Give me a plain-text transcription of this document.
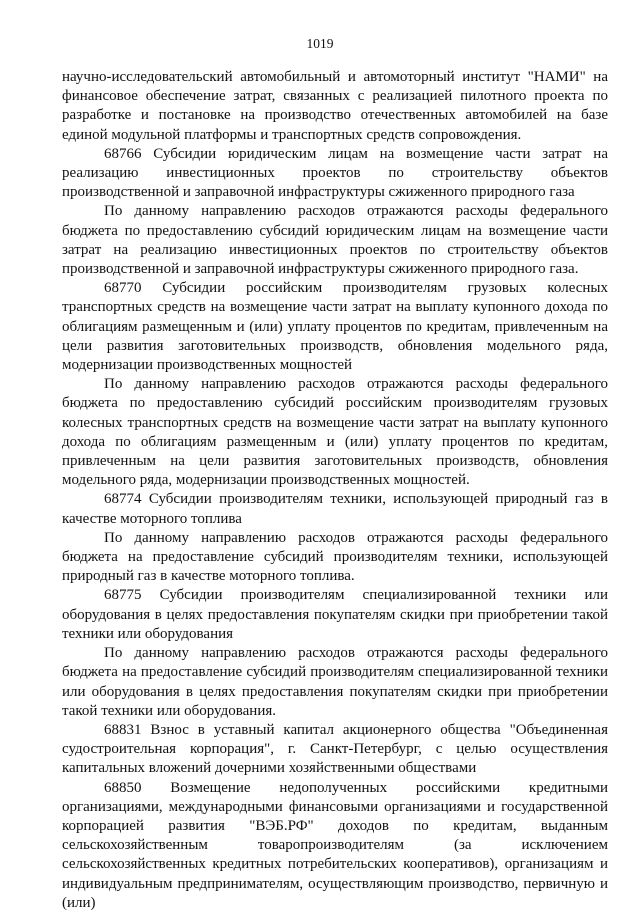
1019

научно-исследовательский автомобильный и автомоторный институт "НАМИ" на финансовое обеспечение затрат, связанных с реализацией пилотного проекта по разработке и постановке на производство отечественных автомобилей на базе единой модульной платформы и транспортных средств сопровождения.

68766 Субсидии юридическим лицам на возмещение части затрат на реализацию инвестиционных проектов по строительству объектов производственной и заправочной инфраструктуры сжиженного природного газа

По данному направлению расходов отражаются расходы федерального бюджета по предоставлению субсидий юридическим лицам на возмещение части затрат на реализацию инвестиционных проектов по строительству объектов производственной и заправочной инфраструктуры сжиженного природного газа.

68770 Субсидии российским производителям грузовых колесных транспортных средств на возмещение части затрат на выплату купонного дохода по облигациям размещенным и (или) уплату процентов по кредитам, привлеченным на цели развития заготовительных производств, обновления модельного ряда, модернизации производственных мощностей

По данному направлению расходов отражаются расходы федерального бюджета по предоставлению субсидий российским производителям грузовых колесных транспортных средств на возмещение части затрат на выплату купонного дохода по облигациям размещенным и (или) уплату процентов по кредитам, привлеченным на цели развития заготовительных производств, обновления модельного ряда, модернизации производственных мощностей.

68774 Субсидии производителям техники, использующей природный газ в качестве моторного топлива

По данному направлению расходов отражаются расходы федерального бюджета на предоставление субсидий производителям техники, использующей природный газ в качестве моторного топлива.

68775 Субсидии производителям специализированной техники или оборудования в целях предоставления покупателям скидки при приобретении такой техники или оборудования

По данному направлению расходов отражаются расходы федерального бюджета на предоставление субсидий производителям специализированной техники или оборудования в целях предоставления покупателям скидки при приобретении такой техники или оборудования.

68831 Взнос в уставный капитал акционерного общества "Объединенная судостроительная корпорация", г. Санкт-Петербург, с целью осуществления капитальных вложений дочерними хозяйственными обществами

68850 Возмещение недополученных российскими кредитными организациями, международными финансовыми организациями и государственной корпорацией развития "ВЭБ.РФ" доходов по кредитам, выданным сельскохозяйственным товаропроизводителям (за исключением сельскохозяйственных кредитных потребительских кооперативов), организациям и индивидуальным предпринимателям, осуществляющим производство, первичную и (или)
